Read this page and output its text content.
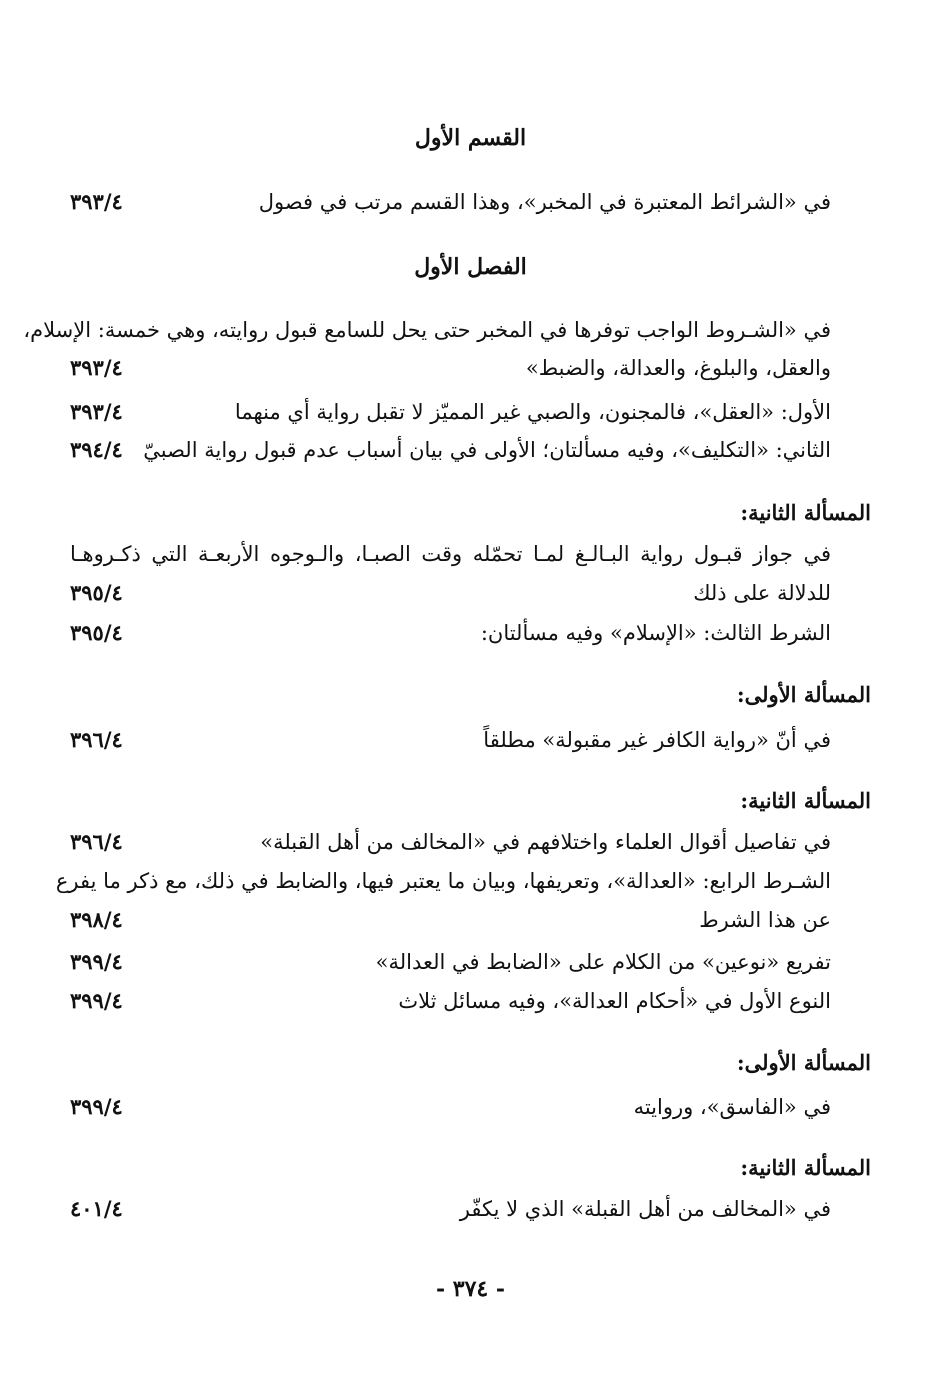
القسم الأول
في «الشرائط المعتبرة في المخبر»، وهذا القسم مرتب في فصول
٣٩٣/٤
الفصل الأول
في «الشـروط الواجب توفرها في المخبر حتى يحل للسامع قبول روايته، وهي خمسة: الإسلام،
والعقل، والبلوغ، والعدالة، والضبط»
٣٩٣/٤
الأول: «العقل»، فالمجنون، والصبي غير المميّز لا تقبل رواية أي منهما
٣٩٣/٤
الثاني: «التكليف»، وفيه مسألتان؛ الأولى في بيان أسباب عدم قبول رواية الصبيّ
٣٩٤/٤
المسألة الثانية:
في جواز قبـول رواية البـالـغ لمـا تحمّله وقت الصبـا، والـوجوه الأربعـة التي ذكـروهـا
للدلالة على ذلك
٣٩٥/٤
الشرط الثالث: «الإسلام» وفيه مسألتان:
٣٩٥/٤
المسألة الأولى:
في أنّ «رواية الكافر غير مقبولة» مطلقاً
٣٩٦/٤
المسألة الثانية:
في تفاصيل أقوال العلماء واختلافهم في «المخالف من أهل القبلة»
٣٩٦/٤
الشـرط الرابع: «العدالة»، وتعريفها، وبيان ما يعتبر فيها، والضابط في ذلك، مع ذكر ما يفرع
عن هذا الشرط
٣٩٨/٤
تفريع «نوعين» من الكلام على «الضابط في العدالة»
٣٩٩/٤
النوع الأول في «أحكام العدالة»، وفيه مسائل ثلاث
٣٩٩/٤
المسألة الأولى:
في «الفاسق»، وروايته
٣٩٩/٤
المسألة الثانية:
في «المخالف من أهل القبلة» الذي لا يكفّر
٤٠١/٤
- ٣٧٤ -
